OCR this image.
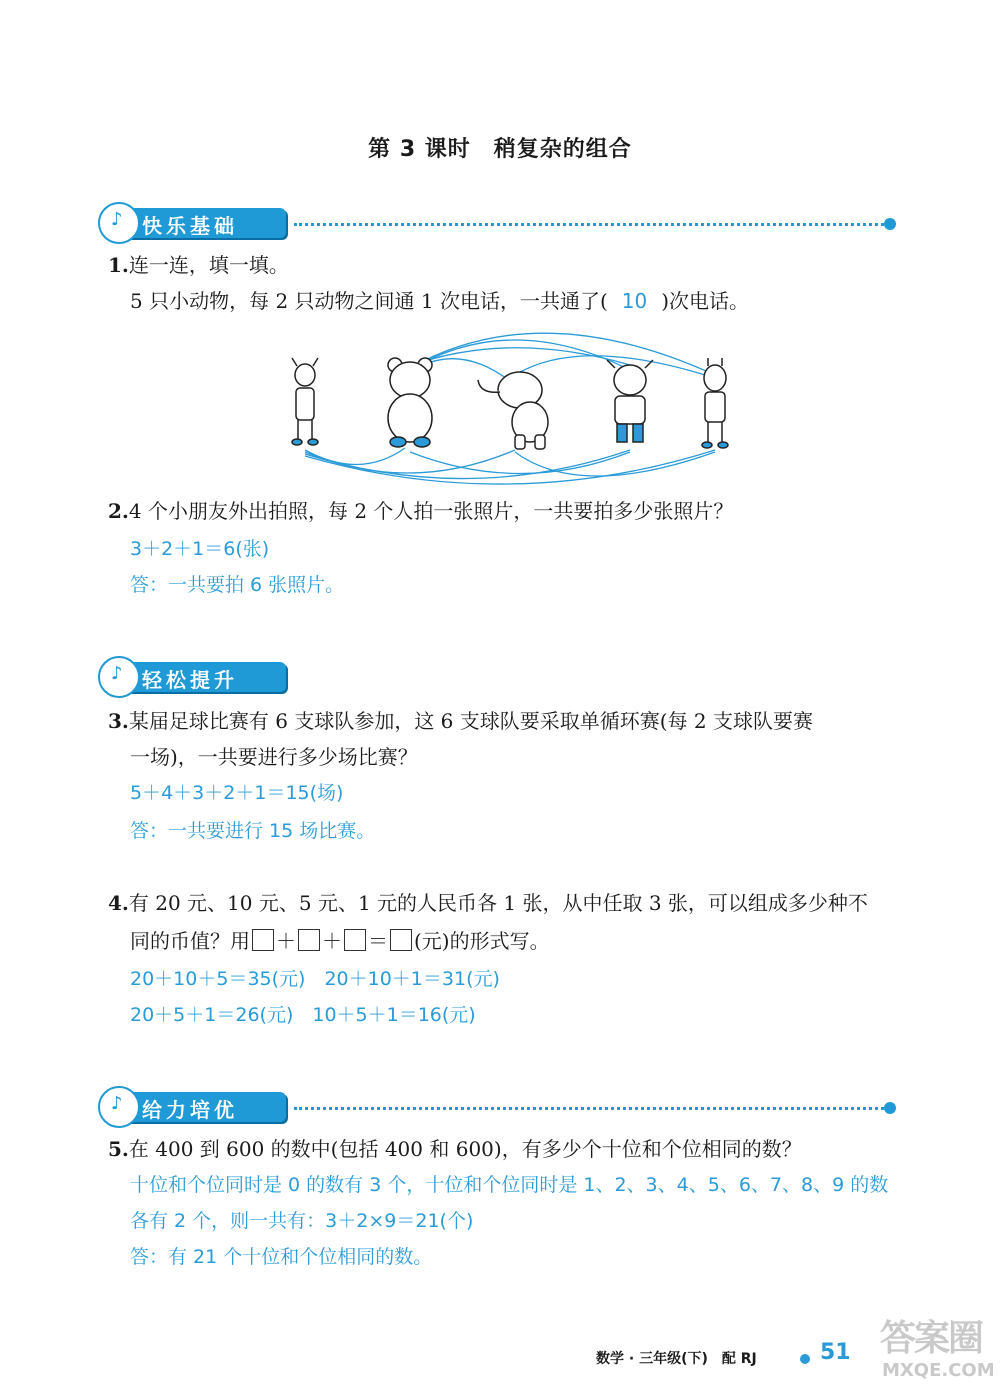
第 3 课时　稍复杂的组合
♪ 快乐基础
1.连一连，填一填。
5 只小动物，每 2 只动物之间通 1 次电话，一共通了( 10 )次电话。
2.4 个小朋友外出拍照，每 2 个人拍一张照片，一共要拍多少张照片？
3＋2＋1＝6(张)
答：一共要拍 6 张照片。
♪ 轻松提升
3.某届足球比赛有 6 支球队参加，这 6 支球队要采取单循环赛(每 2 支球队要赛
一场)，一共要进行多少场比赛？
5＋4＋3＋2＋1＝15(场)
答：一共要进行 15 场比赛。
4.有 20 元、10 元、5 元、1 元的人民币各 1 张，从中任取 3 张，可以组成多少种不
同的币值？用 ＋ ＋ ＝ (元)的形式写。
20＋10＋5＝35(元)　20＋10＋1＝31(元)
20＋5＋1＝26(元)　10＋5＋1＝16(元)
♪ 给力培优
5.在 400 到 600 的数中(包括 400 和 600)，有多少个十位和个位相同的数？
十位和个位同时是 0 的数有 3 个，十位和个位同时是 1、2、3、4、5、6、7、8、9 的数
各有 2 个，则一共有：3＋2×9＝21(个)
答：有 21 个十位和个位相同的数。
数学 · 三年级(下)　配 RJ	51 答案圈
MXQE.COM
